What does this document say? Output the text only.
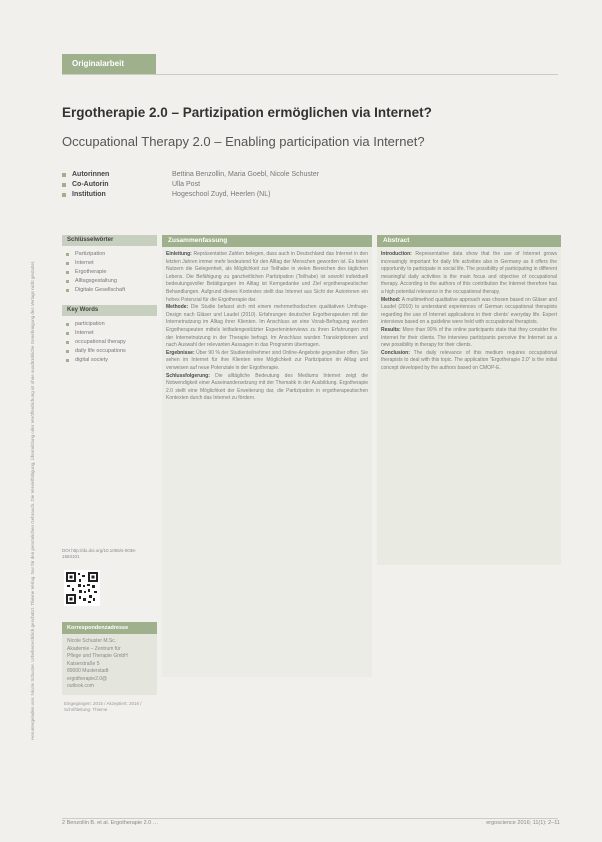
Heruntergeladen von: Nicole Schuster. Urheberrechtlich geschützt. Thieme Verlag. Nur für den persönlichen Gebrauch. Die Vervielfältigung, Übermittlung oder Veröffentlichung ist ohne ausdrückliche Genehmigung des Verlags nicht gestattet.
Originalarbeit
Ergotherapie 2.0 – Partizipation ermöglichen via Internet?
Occupational Therapy 2.0 – Enabling participation via Internet?
Autorinnen	Bettina Benzollin, Maria Goebl, Nicole Schuster
Co-Autorin	Ulla Post
Institution	Hogeschool Zuyd, Heerlen (NL)
Schlüsselwörter
Partizipation
Internet
Ergotherapie
Alltagsgestaltung
Digitale Gesellschaft
Key Words
participation
Internet
occupational therapy
daily life occupations
digital society
DOI http://dx.doi.org/10.1055/s-0036-1583101
Korrespondenzadresse
Nicole Schuster M.Sc.
Akademie – Zentrum für
Pflege und Therapie GmbH
Kaiserstraße 5
89000 Musterstadt
ergotherapie2.0@
outlook.com
Eingegangen: 2015 / Akzeptiert: 2016 / Schriftleitung: Thieme
Zusammenfassung

Einleitung: Repräsentative Zahlen belegen, dass auch in Deutschland das Internet in den letzten Jahren immer mehr bedeutend für den Alltag der Menschen geworden ist. Es bietet Nutzern die Gelegenheit, als Möglichkeit zur Teilhabe in vielen Bereichen des täglichen Lebens. Die Befähigung zu ganzheitlichen Partizipation (Teilhabe) ist sowohl individuell bedeutungsvoller Betätigungen im Alltag ist Kerngedanke und Ziel ergotherapeutischer Behandlungen. Aufgrund dieses Kontextes stellt das Internet aus Sicht der Autorinnen ein hohes Potenzial für die Ergotherapie dar.

Methode: Die Studie befasst sich mit einem mehrmethodischen qualitativen Umfrage-Design nach Gläser und Laudel (2010). Erfahrungen deutscher Ergotherapeuten mit der Internetnutzung im Alltag ihrer Klienten. Im Anschluss an eine Vorab-Befragung wurden Ergotherapeuten mittels leitfadengestützter Experteninterviews zu ihren Erfahrungen mit der Internetnutzung in der Therapie befragt. Im Anschluss wurden Transkriptionen und nach Auswahl der relevanten Aussagen in das Programm übertragen.

Ergebnisse: Über 90 % der Studienteilnehmer sind Online-Angebote gegenüber offen. Sie sehen im Internet für ihre Klienten eine Möglichkeit zur Partizipation im Alltag und verweisen auf neue Potenziale in der Ergotherapie.

Schlussfolgerung: Die alltägliche Bedeutung des Mediums Internet zeigt die Notwendigkeit einer Auseinandersetzung mit der Thematik in der Ausbildung. Ergotherapie 2.0 stellt eine Möglichkeit der Erweiterung dar, die Partizipation in ergotherapeutischen Kontexten durch das Internet zu fördern.

Abstract

Introduction: Representative data show that the use of Internet grows increasingly important for daily life activities also in Germany as it offers the opportunity to participate in social life. The possibility of participating in different meaningful daily activities is the main focus and objective of occupational therapy. According to the authors of this contribution the Internet therefore has a high potential relevance in the occupational therapy.

Method: A multimethod qualitative approach was chosen based on Gläser and Laudel (2010) to understand experiences of German occupational therapists regarding the use of Internet applications in their clients’ everyday life. Expert interviews based on a guideline were held with occupational therapists.

Results: More than 90% of the online participants state that they consider the Internet for their clients. The interview participants perceive the Internet as a new possibility in therapy for their clients.

Conclusion: The daily relevance of this medium requires occupational therapists to deal with this topic. The application “Ergotherapie 2.0” is the initial concept developed by the authors based on CMOP-E.

2 Benzollin B. et al. Ergotherapie 2.0 …	ergoscience 2016; 11(1): 2–11
